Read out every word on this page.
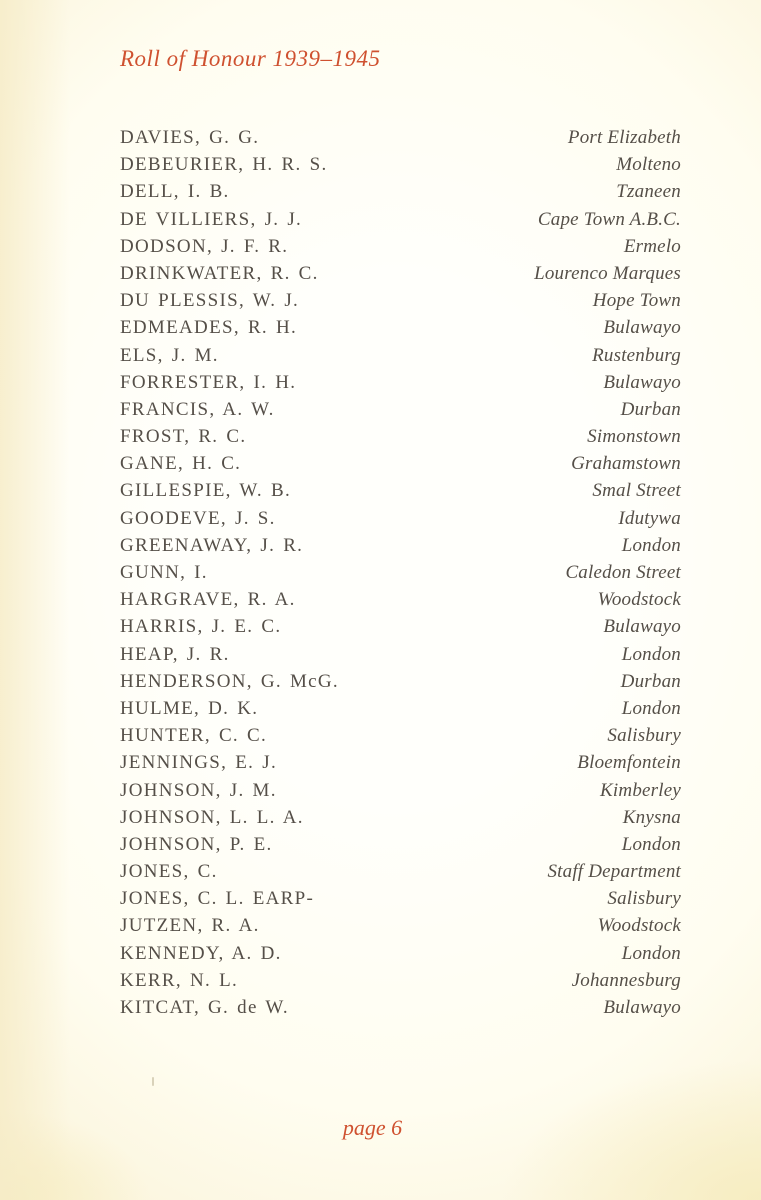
Roll of Honour 1939–1945
DAVIES, G. G.	Port Elizabeth
DEBEURIER, H. R. S.	Molteno
DELL, I. B.	Tzaneen
DE VILLIERS, J. J.	Cape Town A.B.C.
DODSON, J. F. R.	Ermelo
DRINKWATER, R. C.	Lourenco Marques
DU PLESSIS, W. J.	Hope Town
EDMEADES, R. H.	Bulawayo
ELS, J. M.	Rustenburg
FORRESTER, I. H.	Bulawayo
FRANCIS, A. W.	Durban
FROST, R. C.	Simonstown
GANE, H. C.	Grahamstown
GILLESPIE, W. B.	Smal Street
GOODEVE, J. S.	Idutywa
GREENAWAY, J. R.	London
GUNN, I.	Caledon Street
HARGRAVE, R. A.	Woodstock
HARRIS, J. E. C.	Bulawayo
HEAP, J. R.	London
HENDERSON, G. McG.	Durban
HULME, D. K.	London
HUNTER, C. C.	Salisbury
JENNINGS, E. J.	Bloemfontein
JOHNSON, J. M.	Kimberley
JOHNSON, L. L. A.	Knysna
JOHNSON, P. E.	London
JONES, C.	Staff Department
JONES, C. L. EARP-	Salisbury
JUTZEN, R. A.	Woodstock
KENNEDY, A. D.	London
KERR, N. L.	Johannesburg
KITCAT, G. de W.	Bulawayo
page 6
